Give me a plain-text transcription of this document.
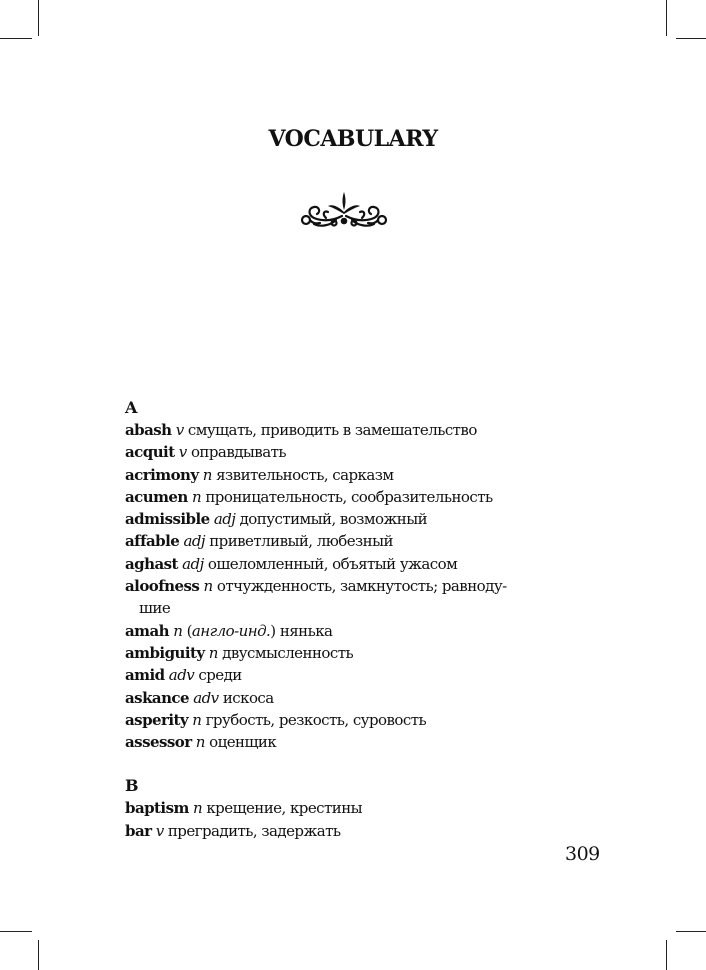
VOCABULARY

A

abash v смущать, приводить в замешательство

acquit v оправдывать

acrimony n язвительность, сарказм

acumen n проницательность, сообразительность

admissible adj допустимый, возможный

affable adj приветливый, любезный

aghast adj ошеломленный, объятый ужасом

aloofness n отчужденность, замкнутость; равноду-
шие

amah n (англо-инд.) нянька

ambiguity n двусмысленность

amid adv среди

askance adv искоса

asperity n грубость, резкость, суровость

assessor n оценщик

B

baptism n крещение, крестины

bar v преградить, задержать

309
